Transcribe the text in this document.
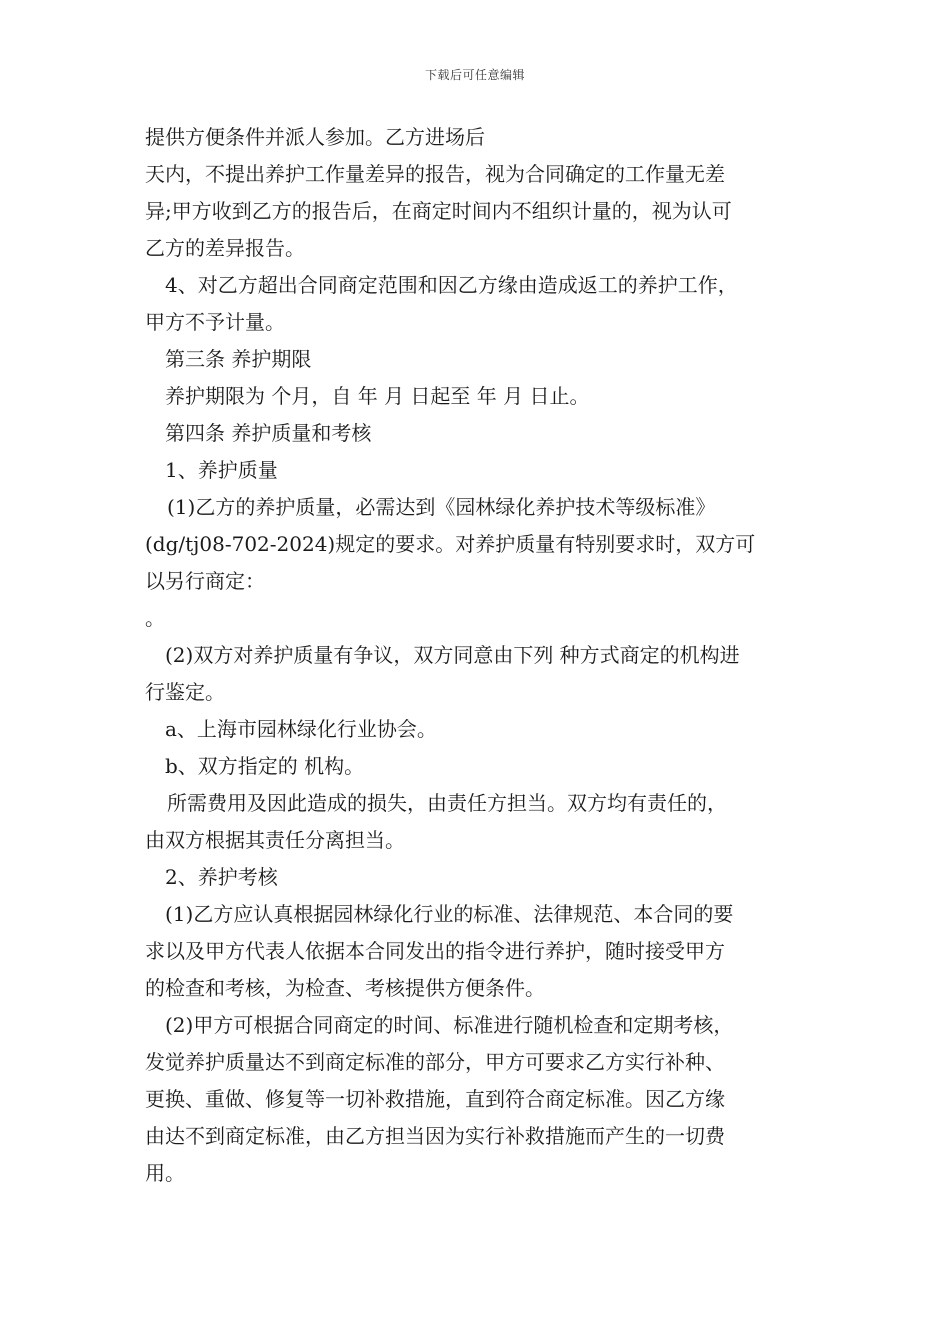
下载后可任意编辑
提供方便条件并派人参加。乙方进场后
天内，不提出养护工作量差异的报告，视为合同确定的工作量无差
异;甲方收到乙方的报告后，在商定时间内不组织计量的，视为认可
乙方的差异报告。
4、对乙方超出合同商定范围和因乙方缘由造成返工的养护工作，
甲方不予计量。
第三条 养护期限
养护期限为 个月，自 年 月 日起至 年 月 日止。
第四条 养护质量和考核
1、养护质量
(1)乙方的养护质量，必需达到《园林绿化养护技术等级标准》
(dg/tj08-702-2024)规定的要求。对养护质量有特别要求时，双方可
以另行商定：
。
(2)双方对养护质量有争议，双方同意由下列 种方式商定的机构进
行鉴定。
a、上海市园林绿化行业协会。
b、双方指定的 机构。
所需费用及因此造成的损失，由责任方担当。双方均有责任的，
由双方根据其责任分离担当。
2、养护考核
(1)乙方应认真根据园林绿化行业的标准、法律规范、本合同的要
求以及甲方代表人依据本合同发出的指令进行养护，随时接受甲方
的检查和考核，为检查、考核提供方便条件。
(2)甲方可根据合同商定的时间、标准进行随机检查和定期考核，
发觉养护质量达不到商定标准的部分，甲方可要求乙方实行补种、
更换、重做、修复等一切补救措施，直到符合商定标准。因乙方缘
由达不到商定标准，由乙方担当因为实行补救措施而产生的一切费
用。
